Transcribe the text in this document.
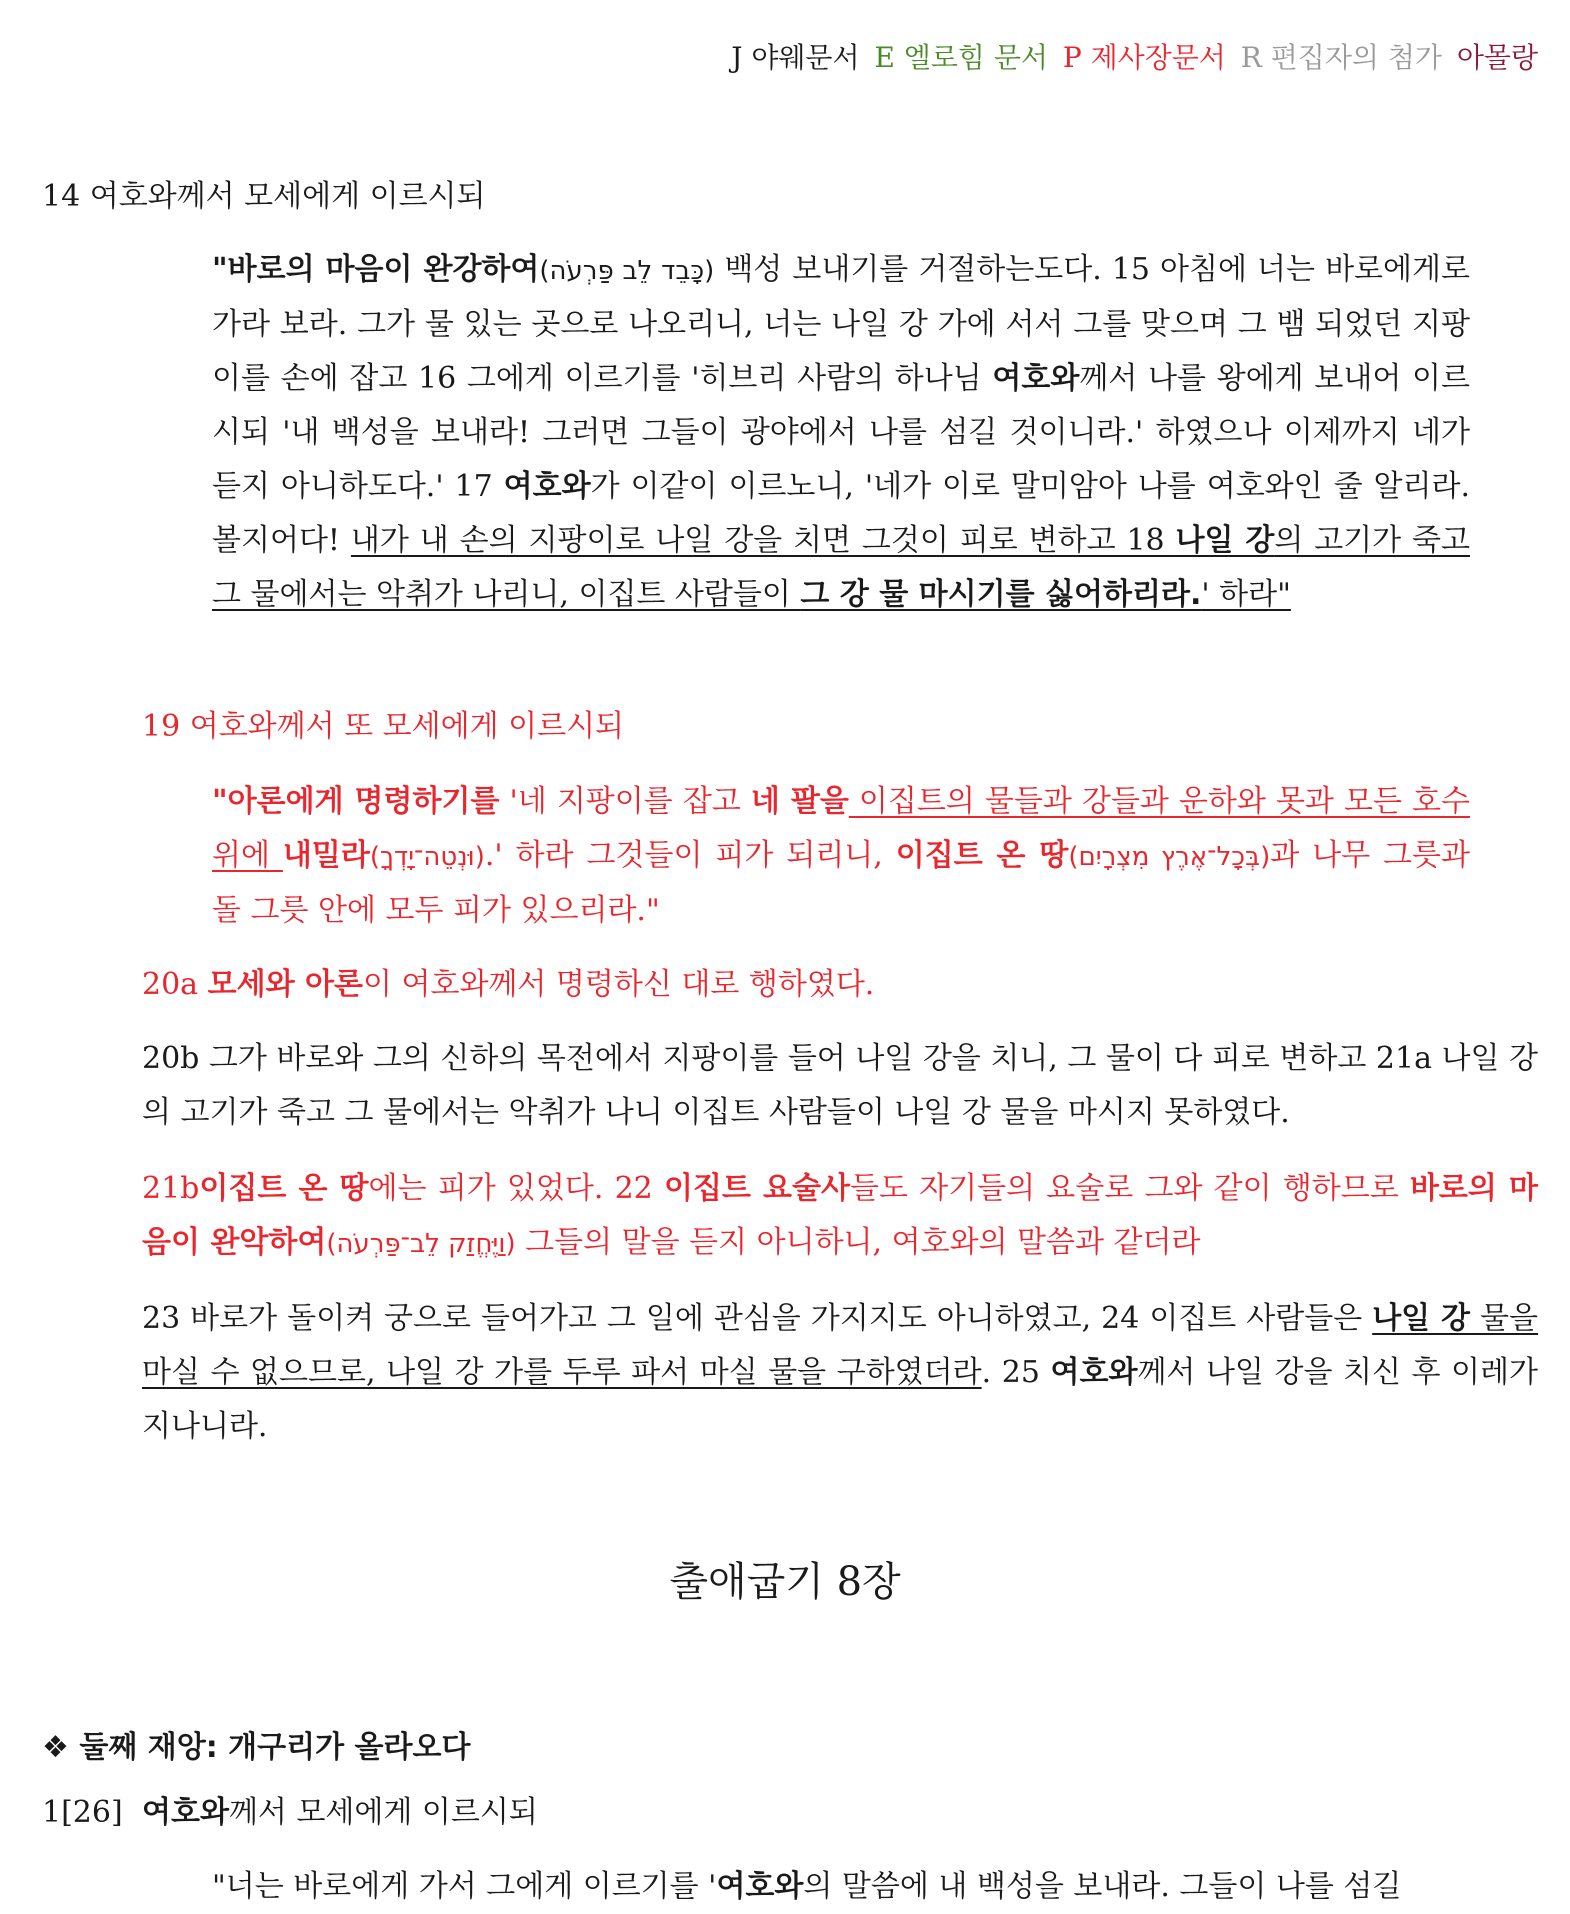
J 야웨문서 E 엘로힘 문서 P 제사장문서 R 편집자의 첨가 아몰랑
14 여호와께서 모세에게 이르시되
"바로의 마음이 완강하여(כָּבֵד לֵב פַּרְעֹה) 백성 보내기를 거절하는도다. 15 아침에 너는 바로에게로 가라 보라. 그가 물 있는 곳으로 나오리니, 너는 나일 강 가에 서서 그를 맞으며 그 뱀 되었던 지팡이를 손에 잡고 16 그에게 이르기를 '히브리 사람의 하나님 여호와께서 나를 왕에게 보내어 이르시되 '내 백성을 보내라! 그러면 그들이 광야에서 나를 섬길 것이니라.' 하였으나 이제까지 네가 듣지 아니하도다.' 17 여호와가 이같이 이르노니, '네가 이로 말미암아 나를 여호와인 줄 알리라. 볼지어다! 내가 내 손의 지팡이로 나일 강을 치면 그것이 피로 변하고 18 나일 강의 고기가 죽고 그 물에서는 악취가 나리니, 이집트 사람들이 그 강 물 마시기를 싫어하리라.' 하라"
19 여호와께서 또 모세에게 이르시되
"아론에게 명령하기를 '네 지팡이를 잡고 네 팔을 이집트의 물들과 강들과 운하와 못과 모든 호수 위에 내밀라(וּנְטֵה־יָדְךָ).' 하라 그것들이 피가 되리니, 이집트 온 땅(בְּכָל־אֶרֶץ מִצְרָיִם)과 나무 그릇과 돌 그릇 안에 모두 피가 있으리라."
20a 모세와 아론이 여호와께서 명령하신 대로 행하였다.
20b 그가 바로와 그의 신하의 목전에서 지팡이를 들어 나일 강을 치니, 그 물이 다 피로 변하고 21a 나일 강의 고기가 죽고 그 물에서는 악취가 나니 이집트 사람들이 나일 강 물을 마시지 못하였다.
21b이집트 온 땅에는 피가 있었다. 22 이집트 요술사들도 자기들의 요술로 그와 같이 행하므로 바로의 마음이 완악하여(וַיֶּחֱזַק לֵב־פַּרְעֹה) 그들의 말을 듣지 아니하니, 여호와의 말씀과 같더라
23 바로가 돌이켜 궁으로 들어가고 그 일에 관심을 가지지도 아니하였고, 24 이집트 사람들은 나일 강 물을 마실 수 없으므로, 나일 강 가를 두루 파서 마실 물을 구하였더라. 25 여호와께서 나일 강을 치신 후 이레가 지나니라.
출애굽기 8장
❖ 둘째 재앙: 개구리가 올라오다
1[26] 여호와께서 모세에게 이르시되
"너는 바로에게 가서 그에게 이르기를 '여호와의 말씀에 내 백성을 보내라. 그들이 나를 섬길
